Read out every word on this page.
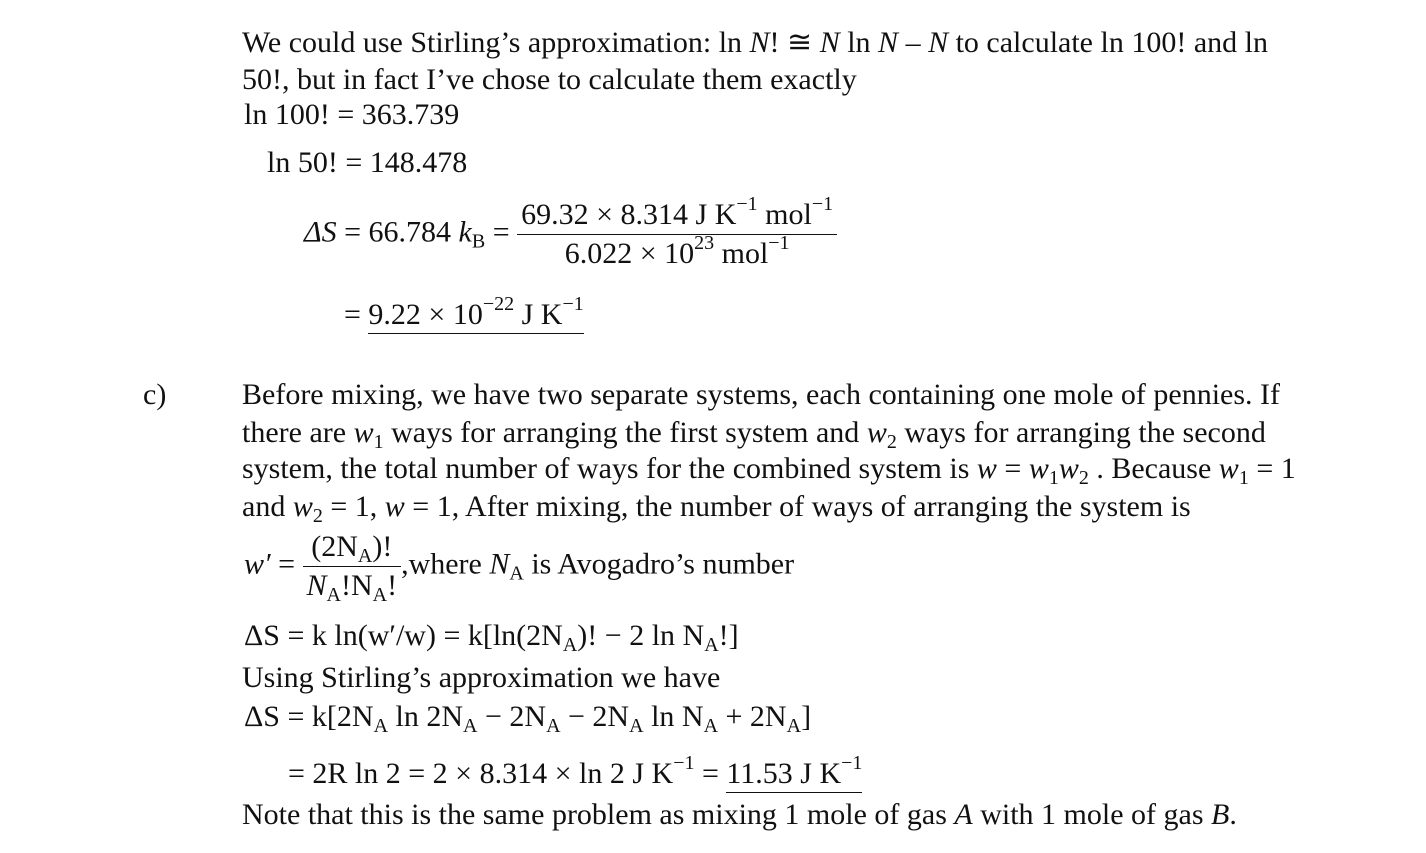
We could use Stirling’s approximation: ln N! ≅ N ln N – N to calculate ln 100! and ln
50!, but in fact I’ve chose to calculate them exactly
ln 100! = 363.739
ln 50! = 148.478
ΔS = 66.784 $k_B = \frac{69.32 \times 8.314 J K^{-1} mol^{-1}}{6.022 \times 10^{23} mol^{-1}}$
= $9.22 \times 10^{-22}$ J $K^{-1}$
c)	Before mixing, we have two separate systems, each containing one mole of pennies. If
there are $w_1$ ways for arranging the first system and $w_2$ ways for arranging the second
system, the total number of ways for the combined system is $w = w_1w_2$ . Because $w_1 = 1$
and $w_2 = 1$, w = 1, After mixing, the number of ways of arranging the system is
$w' = \frac{(2N_A)!}{N_A!N_A!}$ ,where $N_A$ is Avogadro’s number
ΔS = k $\ln(w'/w) = k[\ln(2N_A)$! − 2 $\ln N_A$!]
Using Stirling’s approximation we have
$\Delta S = k[2N_A$ $\ln 2N_A - 2N_A - 2N_A$ $\ln N_A + 2N_A$]
= 2R ln 2 = 2 × 8.314 × ln 2 J $K^{-1} = 11.53$ J $K^{-1}$
Note that this is the same problem as mixing 1 mole of gas A with 1 mole of gas B.
